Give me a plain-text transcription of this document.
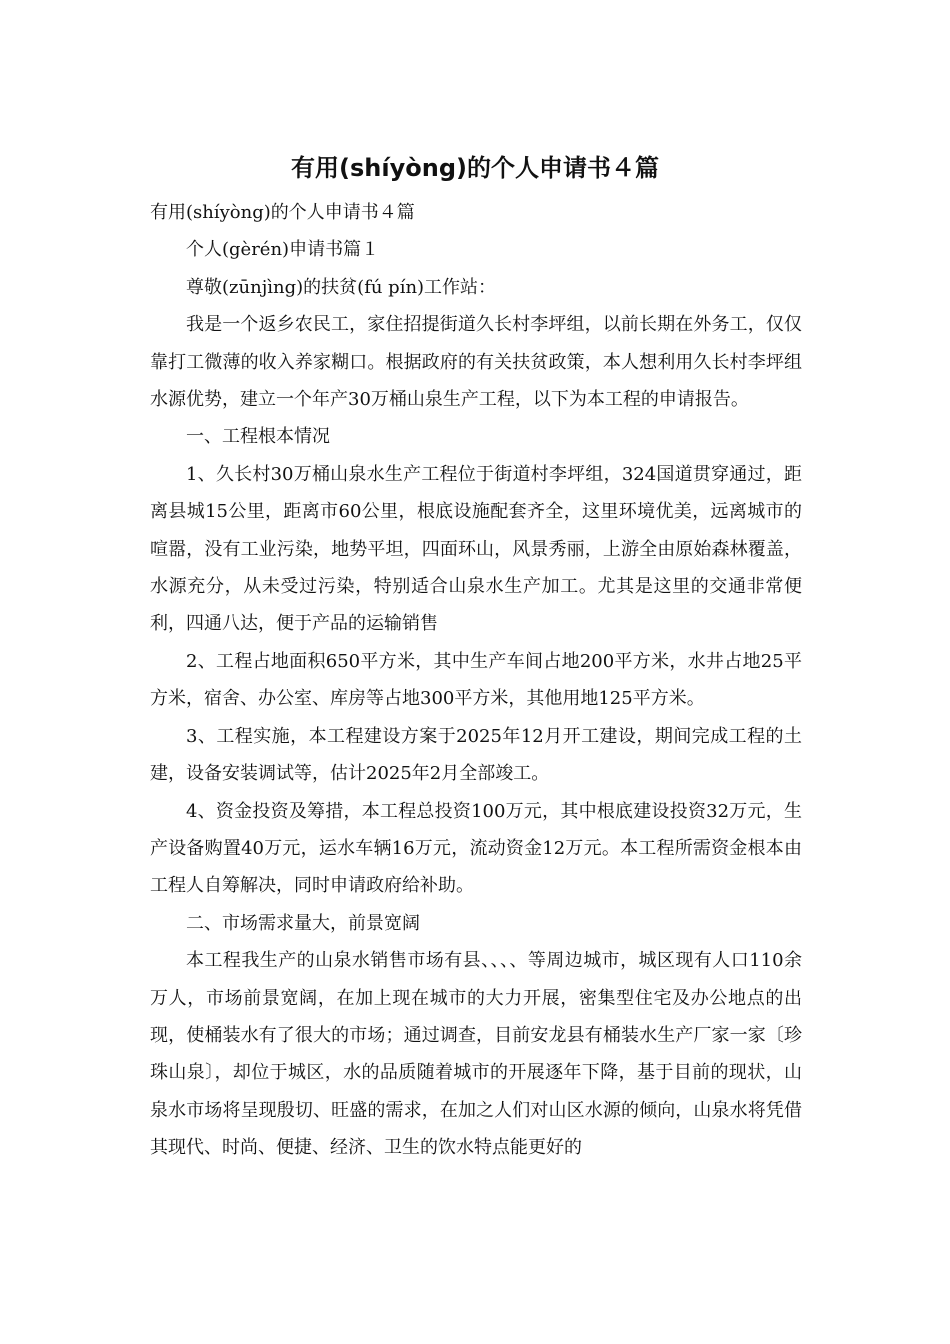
有用(shíyòng)的个人申请书４篇

有用(shíyòng)的个人申请书４篇

个人(gèrén)申请书篇１

尊敬(zūnjìng)的扶贫(fú pín)工作站：

我是一个返乡农民工，家住招提街道久长村李坪组，以前长期在外务工，仅仅靠打工微薄的收入养家糊口。根据政府的有关扶贫政策，本人想利用久长村李坪组水源优势，建立一个年产30万桶山泉生产工程，以下为本工程的申请报告。

一、工程根本情况

1、久长村30万桶山泉水生产工程位于街道村李坪组，324国道贯穿通过，距离县城15公里，距离市60公里，根底设施配套齐全，这里环境优美，远离城市的喧嚣，没有工业污染，地势平坦，四面环山，风景秀丽，上游全由原始森林覆盖，水源充分，从未受过污染，特别适合山泉水生产加工。尤其是这里的交通非常便利，四通八达，便于产品的运输销售

2、工程占地面积650平方米，其中生产车间占地200平方米，水井占地25平方米，宿舍、办公室、库房等占地300平方米，其他用地125平方米。

3、工程实施，本工程建设方案于2025年12月开工建设，期间完成工程的土建，设备安装调试等，估计2025年2月全部竣工。

4、资金投资及筹措，本工程总投资100万元，其中根底建设投资32万元，生产设备购置40万元，运水车辆16万元，流动资金12万元。本工程所需资金根本由工程人自筹解决，同时申请政府给补助。

二、市场需求量大，前景宽阔

本工程我生产的山泉水销售市场有县、、、、等周边城市，城区现有人口110余万人，市场前景宽阔，在加上现在城市的大力开展，密集型住宅及办公地点的出现，使桶装水有了很大的市场；通过调查，目前安龙县有桶装水生产厂家一家〔珍珠山泉〕，却位于城区，水的品质随着城市的开展逐年下降，基于目前的现状，山泉水市场将呈现殷切、旺盛的需求，在加之人们对山区水源的倾向，山泉水将凭借其现代、时尚、便捷、经济、卫生的饮水特点能更好的
